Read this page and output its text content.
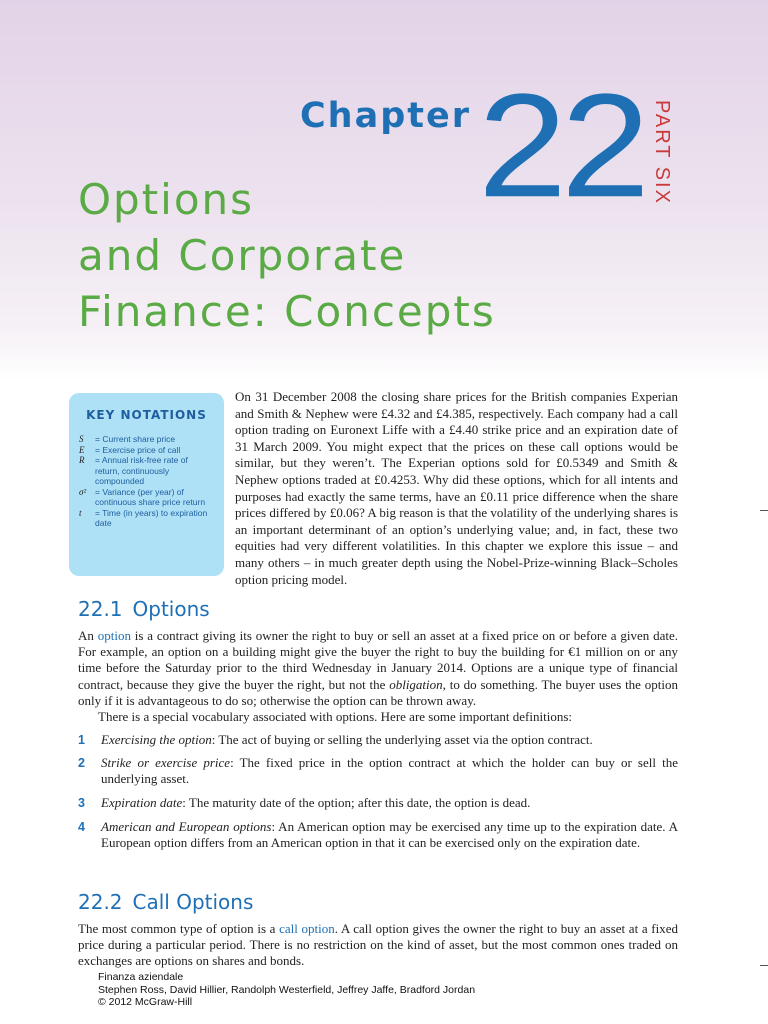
Chapter 22 PART SIX
Options
and Corporate
Finance: Concepts
KEY NOTATIONS
S	= Current share price
E	= Exercise price of call
R	= Annual risk-free rate of return, continuously compounded
σ²	= Variance (per year) of continuous share price return
t	= Time (in years) to expiration date
On 31 December 2008 the closing share prices for the British companies Experian and Smith & Nephew were £4.32 and £4.385, respectively. Each company had a call option trading on Euronext Liffe with a £4.40 strike price and an expiration date of 31 March 2009. You might expect that the prices on these call options would be similar, but they weren’t. The Experian options sold for £0.5349 and Smith & Nephew options traded at £0.4253. Why did these options, which for all intents and purposes had exactly the same terms, have an £0.11 price difference when the share prices differed by £0.06? A big reason is that the volatility of the underlying shares is an important determinant of an option’s underlying value; and, in fact, these two equities had very different volatilities. In this chapter we explore this issue – and many others – in much greater depth using the Nobel-Prize-winning Black–Scholes option pricing model.
22.1 Options
An option is a contract giving its owner the right to buy or sell an asset at a fixed price on or before a given date. For example, an option on a building might give the buyer the right to buy the building for €1 million on or any time before the Saturday prior to the third Wednesday in January 2014. Options are a unique type of financial contract, because they give the buyer the right, but not the obligation, to do something. The buyer uses the option only if it is advantageous to do so; otherwise the option can be thrown away.
There is a special vocabulary associated with options. Here are some important definitions:
1	Exercising the option: The act of buying or selling the underlying asset via the option contract.
2	Strike or exercise price: The fixed price in the option contract at which the holder can buy or sell the underlying asset.
3	Expiration date: The maturity date of the option; after this date, the option is dead.
4	American and European options: An American option may be exercised any time up to the expiration date. A European option differs from an American option in that it can be exercised only on the expiration date.
22.2 Call Options
The most common type of option is a call option. A call option gives the owner the right to buy an asset at a fixed price during a particular period. There is no restriction on the kind of asset, but the most common ones traded on exchanges are options on shares and bonds.
Finanza aziendale
Stephen Ross, David Hillier, Randolph Westerfield, Jeffrey Jaffe, Bradford Jordan
© 2012 McGraw-Hill
